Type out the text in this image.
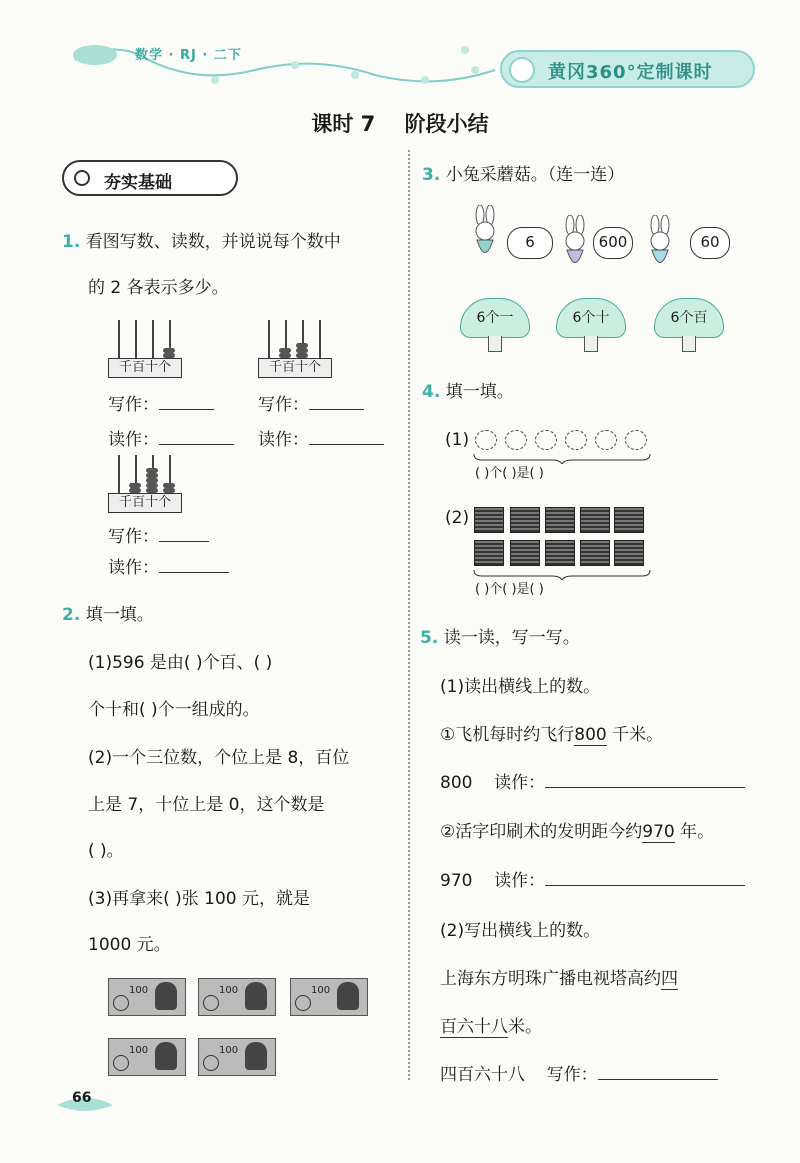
数学 · RJ · 二下
黄冈360°定制课时
课时 7 阶段小结
夯实基础
1. 看图写数、读数，并说说每个数中
的 2 各表示多少。
千百十个
写作：
读作：
千百十个
写作：
读作：
千百十个
写作：
读作：
2. 填一填。
(1)596 是由( )个百、( )
个十和( )个一组成的。
(2)一个三位数，个位上是 8，百位
上是 7，十位上是 0，这个数是
( )。
(3)再拿来( )张 100 元，就是
1000 元。
100	100	100
100	100
3. 小兔采蘑菇。（连一连）
6	600	60
6个一	6个十	6个百
4. 填一填。
(1)
( )个( )是( )
(2)
( )个( )是( )
5. 读一读，写一写。
(1)读出横线上的数。
①飞机每时约飞行800 千米。
800 读作：
②活字印刷术的发明距今约970 年。
970 读作：
(2)写出横线上的数。
上海东方明珠广播电视塔高约四
百六十八米。
四百六十八 写作：
66
